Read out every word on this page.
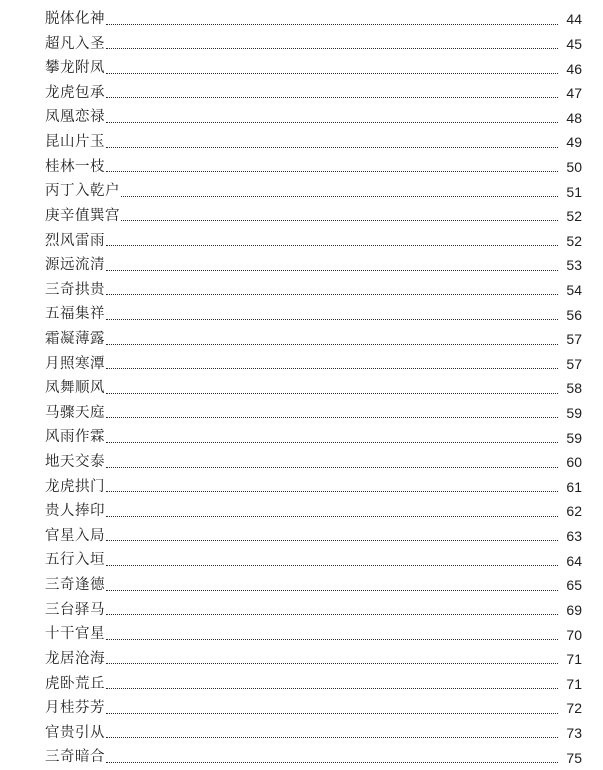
脱体化神	44
超凡入圣	45
攀龙附凤	46
龙虎包承	47
凤凰恋禄	48
昆山片玉	49
桂林一枝	50
丙丁入乾户	51
庚辛值巽宫	52
烈风雷雨	52
源远流清	53
三奇拱贵	54
五福集祥	56
霜凝薄露	57
月照寒潭	57
凤舞顺风	58
马骤天庭	59
风雨作霖	59
地天交泰	60
龙虎拱门	61
贵人捧印	62
官星入局	63
五行入垣	64
三奇逢德	65
三台驿马	69
十干官星	70
龙居沧海	71
虎卧荒丘	71
月桂芬芳	72
官贵引从	73
三奇暗合	75
